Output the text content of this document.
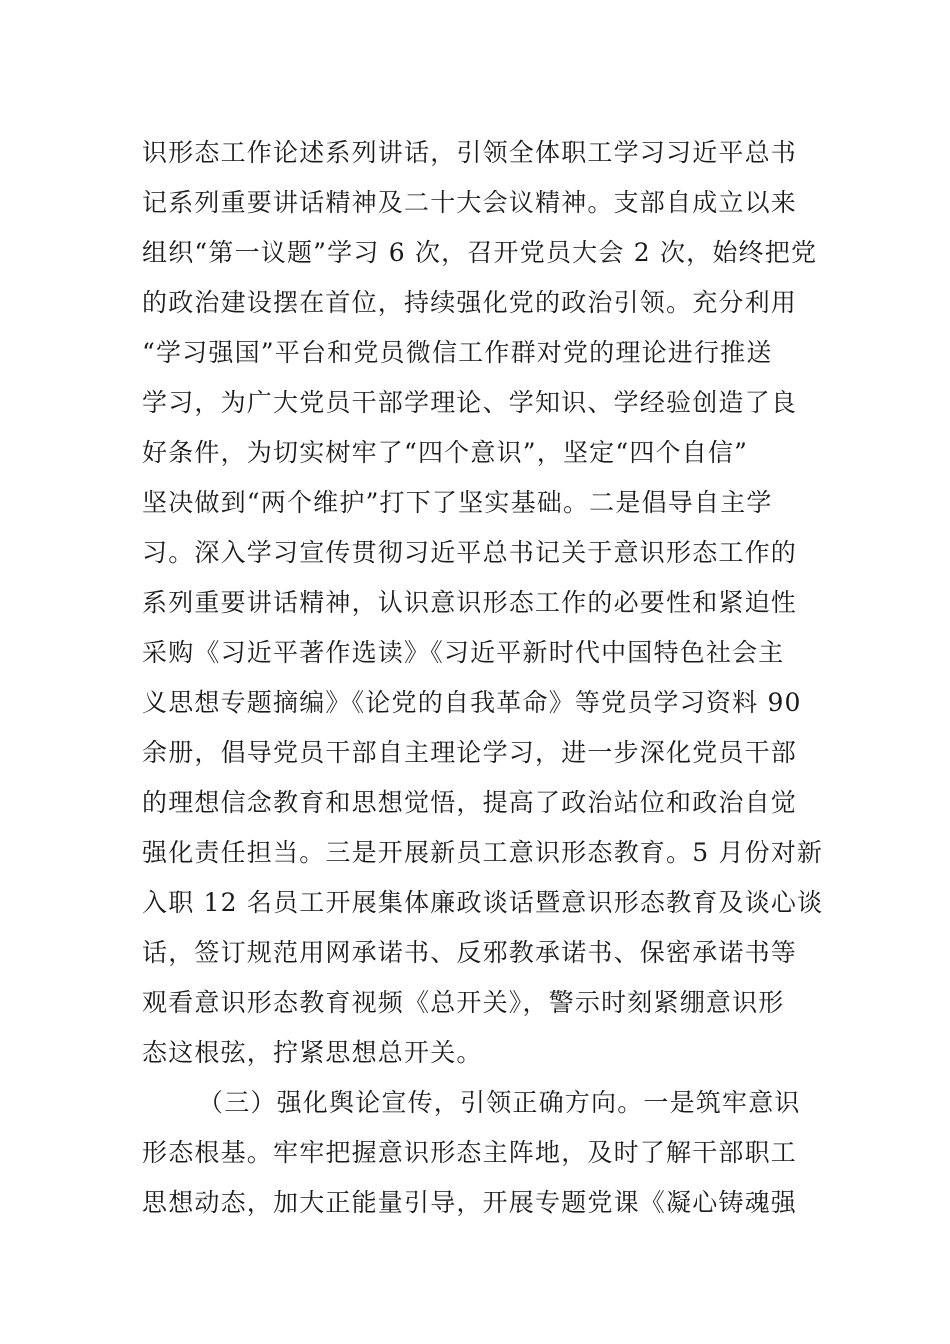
识形态工作论述系列讲话，引领全体职工学习习近平总书
记系列重要讲话精神及二十大会议精神。支部自成立以来
组织“第一议题”学习 6 次，召开党员大会 2 次，始终把党
的政治建设摆在首位，持续强化党的政治引领。充分利用
“学习强国”平台和党员微信工作群对党的理论进行推送
学习，为广大党员干部学理论、学知识、学经验创造了良
好条件，为切实树牢了“四个意识”，坚定“四个自信”
坚决做到“两个维护”打下了坚实基础。二是倡导自主学
习。深入学习宣传贯彻习近平总书记关于意识形态工作的
系列重要讲话精神，认识意识形态工作的必要性和紧迫性
采购《习近平著作选读》《习近平新时代中国特色社会主
义思想专题摘编》《论党的自我革命》等党员学习资料 90
余册，倡导党员干部自主理论学习，进一步深化党员干部
的理想信念教育和思想觉悟，提高了政治站位和政治自觉
强化责任担当。三是开展新员工意识形态教育。5 月份对新
入职 12 名员工开展集体廉政谈话暨意识形态教育及谈心谈
话，签订规范用网承诺书、反邪教承诺书、保密承诺书等
观看意识形态教育视频《总开关》，警示时刻紧绷意识形
态这根弦，拧紧思想总开关。
（三）强化舆论宣传，引领正确方向。一是筑牢意识
形态根基。牢牢把握意识形态主阵地，及时了解干部职工
思想动态，加大正能量引导，开展专题党课《凝心铸魂强
